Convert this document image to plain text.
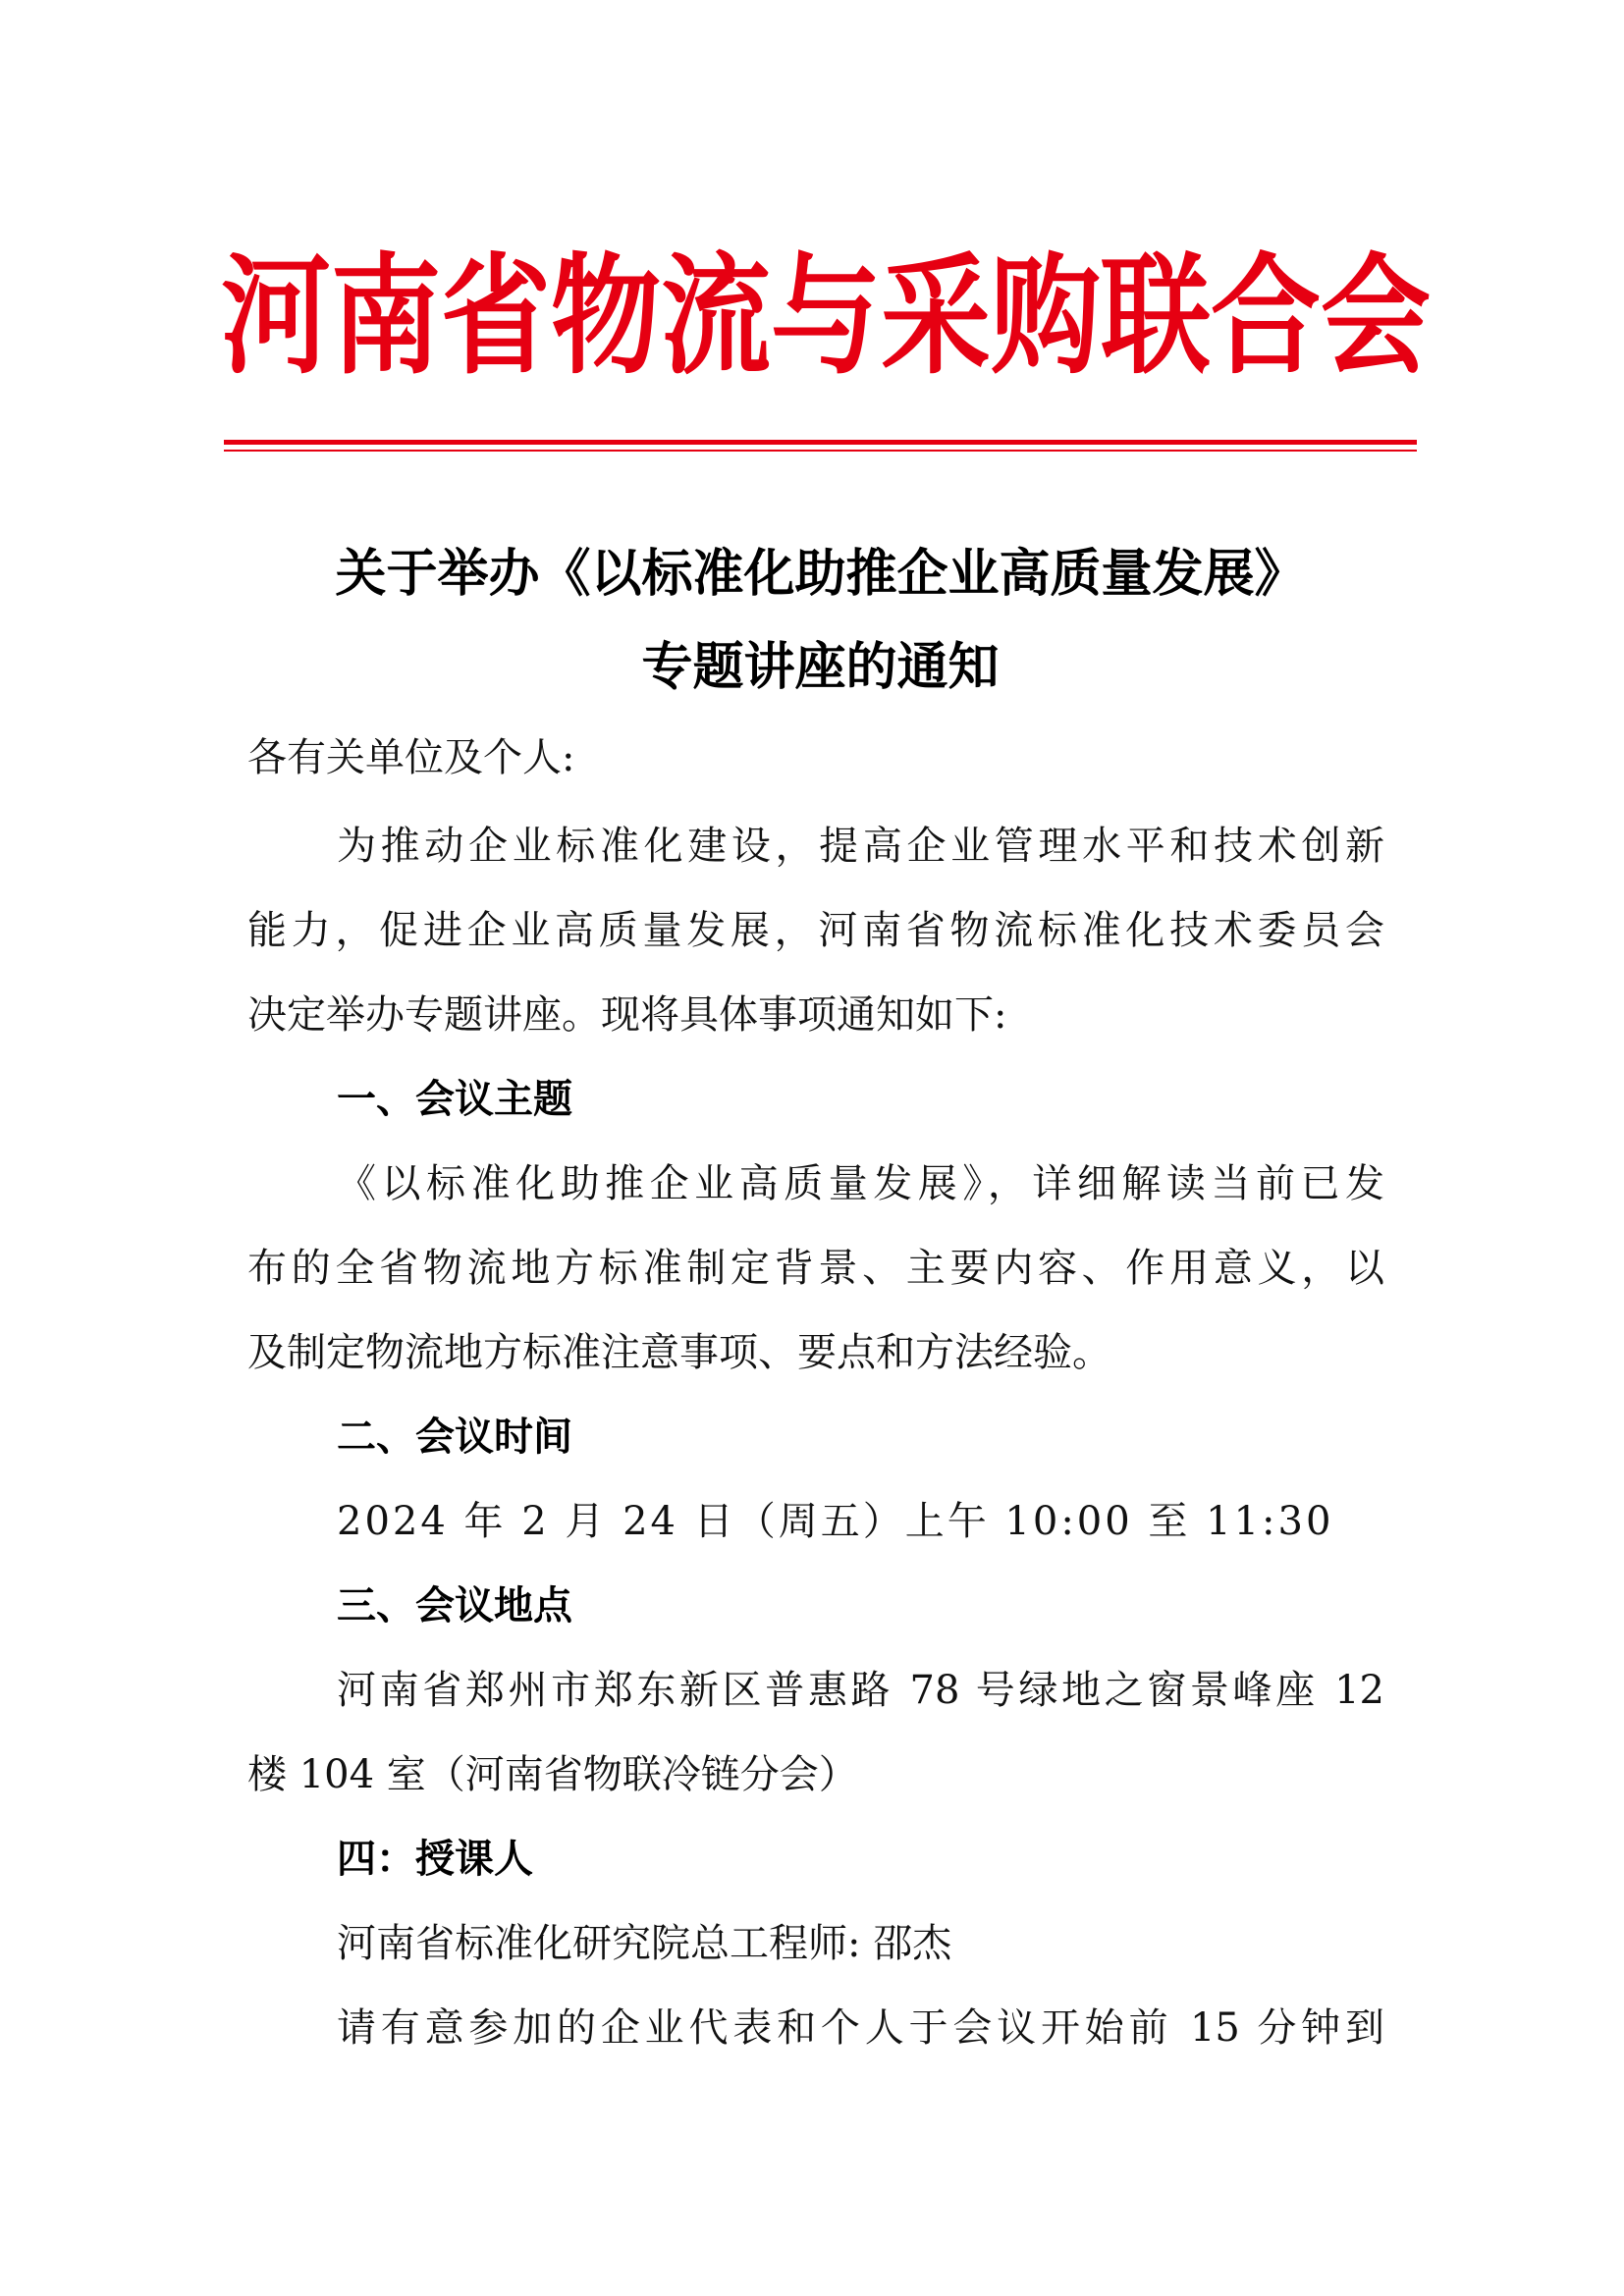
河南省物流与采购联合会
关于举办《以标准化助推企业高质量发展》
专题讲座的通知

各有关单位及个人:

为推动企业标准化建设，提高企业管理水平和技术创新

能力，促进企业高质量发展，河南省物流标准化技术委员会

决定举办专题讲座。现将具体事项通知如下:

一、会议主题

《以标准化助推企业高质量发展》，详细解读当前已发

布的全省物流地方标准制定背景、主要内容、作用意义，以

及制定物流地方标准注意事项、要点和方法经验。

二、会议时间

2024 年 2 月 24 日（周五）上午 10:00 至 11:30

三、会议地点

河南省郑州市郑东新区普惠路 78 号绿地之窗景峰座 12

楼 104 室（河南省物联冷链分会）

四：授课人

河南省标准化研究院总工程师: 邵杰

请有意参加的企业代表和个人于会议开始前 15 分钟到
